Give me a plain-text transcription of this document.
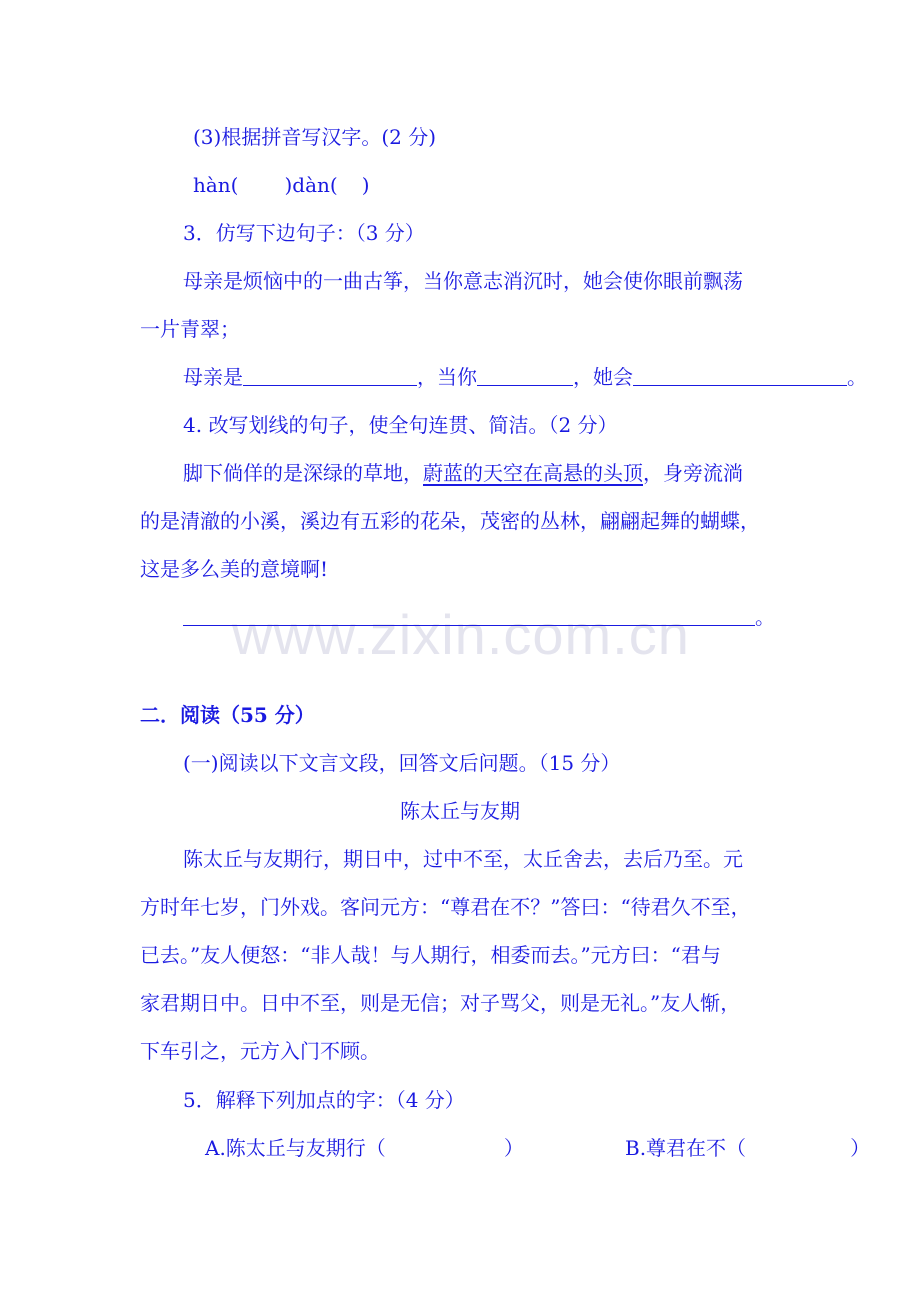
(3)根据拼音写汉字。(2 分)
hàn( )dàn( )
3．仿写下边句子：（3 分）
母亲是烦恼中的一曲古筝，当你意志消沉时，她会使你眼前飘荡
一片青翠；
母亲是	，当你	，她会	。
4. 改写划线的句子，使全句连贯、简洁。（2 分）
脚下倘佯的是深绿的草地，蔚蓝的天空在高悬的头顶，身旁流淌
的是清澈的小溪，溪边有五彩的花朵，茂密的丛林，翩翩起舞的蝴蝶，
这是多么美的意境啊!
www.zixin.com.cn	。
二．阅读（55 分）
(一)阅读以下文言文段，回答文后问题。（15 分）
陈太丘与友期
陈太丘与友期行，期日中，过中不至，太丘舍去，去后乃至。元
方时年七岁，门外戏。客问元方：“尊君在不？”答曰：“待君久不至，
已去。”友人便怒：“非人哉！与人期行，相委而去。”元方曰：“君与
家君期日中。日中不至，则是无信；对子骂父，则是无礼。”友人惭，
下车引之，元方入门不顾。
5．解释下列加点的字：（4 分）
A.陈太丘与友期行（	）	B.尊君在不（	）
